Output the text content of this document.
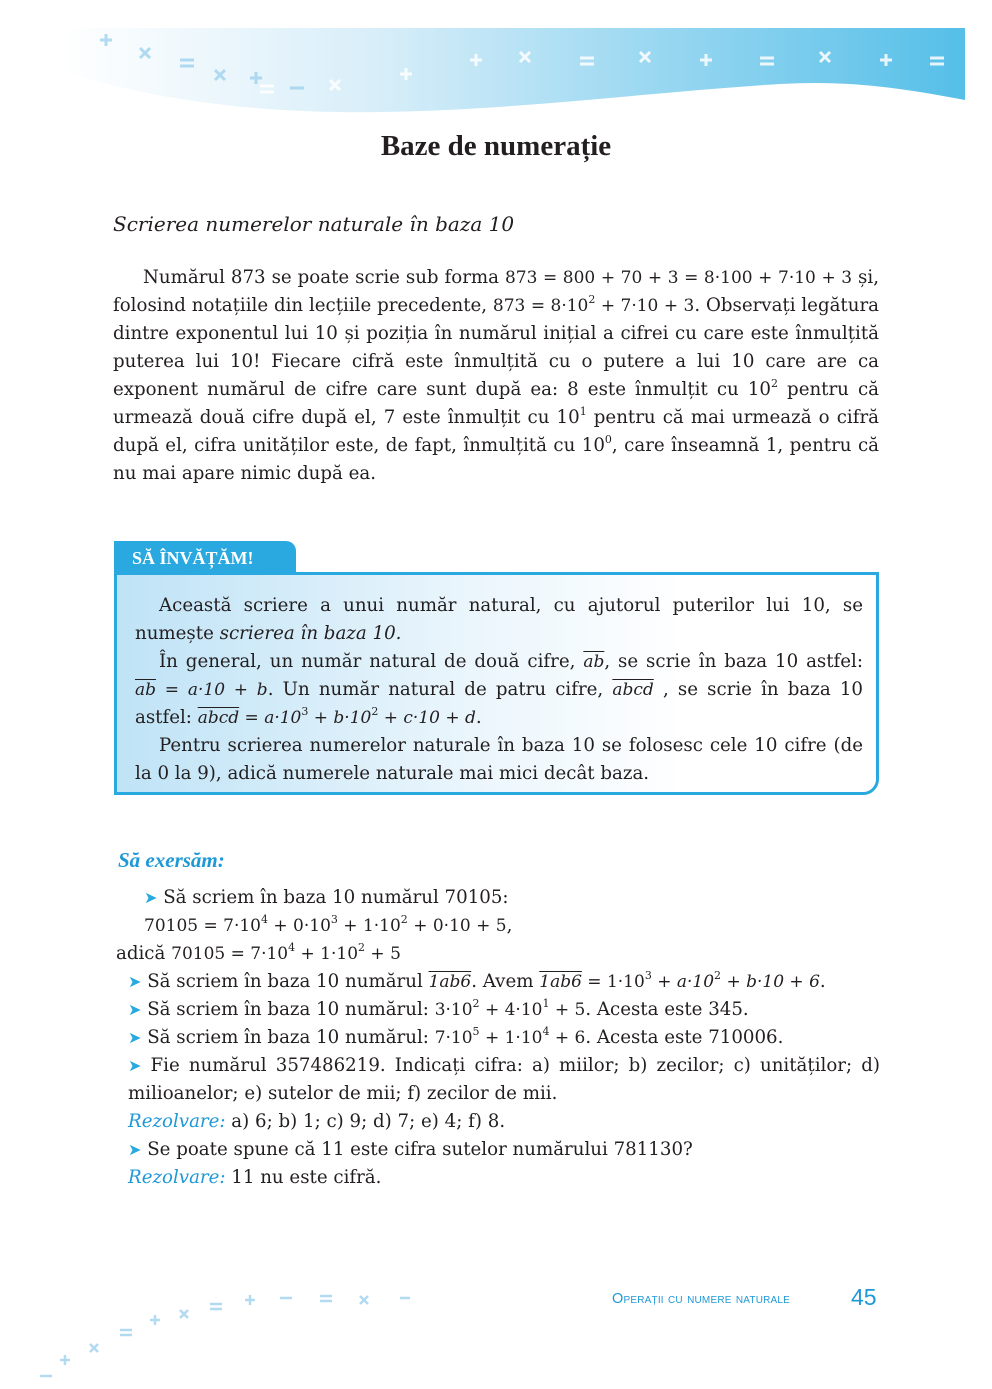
Baze de numerație
Scrierea numerelor naturale în baza 10

Numărul 873 se poate scrie sub forma 873 = 800 + 70 + 3 = 8·100 + 7·10 + 3 și, folosind notațiile din lecțiile precedente, $873 = 8\cdot 10^2 + 7\cdot 10 + 3$. Observați legătura dintre exponentul lui 10 și poziția în numărul inițial a cifrei cu care este înmulțită puterea lui 10! Fiecare cifră este înmulțită cu o putere a lui 10 care are ca exponent numărul de cifre care sunt după ea: 8 este înmulțit cu $10^2$ pentru că urmează două cifre după el, 7 este înmulțit cu $10^1$ pentru că mai urmează o cifră după el, cifra unităților este, de fapt, înmulțită cu $10^0$, care înseamnă 1, pentru că nu mai apare nimic după ea.

SĂ ÎNVĂȚĂM!

Această scriere a unui număr natural, cu ajutorul puterilor lui 10, se numește scrierea în baza 10.

În general, un număr natural de două cifre, $\overline{ab}$, se scrie în baza 10 astfel: $\overline{ab} = a\cdot 10 + b$. Un număr natural de patru cifre, abcd , se scrie în baza 10 astfel: abcd = $a\cdot 10^3 + b\cdot 10^2 + c\cdot 10 + d$.

Pentru scrierea numerelor naturale în baza 10 se folosesc cele 10 cifre (de la 0 la 9), adică numerele naturale mai mici decât baza.

Să exersăm:

➤ Să scriem în baza 10 numărul 70105: $70105 = 7\cdot 10^4 + 0\cdot 10^3 + 1\cdot 10^2 + 0\cdot 10 + 5$,

adică $70105 = 7\cdot 10^4 + 1\cdot 10^2 + 5$

➤ Să scriem în baza 10 numărul 1ab6. Avem $1ab6 = 1\cdot 10^3 + a\cdot 10^2 + b\cdot 10 + 6$.

➤ Să scriem în baza 10 numărul: $3\cdot 10^2 + 4\cdot 10^1 + 5$. Acesta este 345.

➤ Să scriem în baza 10 numărul: $7\cdot 10^5 + 1\cdot 10^4 + 6$. Acesta este 710006.

➤ Fie numărul 357486219. Indicați cifra: a) miilor; b) zecilor; c) unităților; d) milioanelor; e) sutelor de mii; f) zecilor de mii.

Rezolvare: a) 6; b) 1; c) 9; d) 7; e) 4; f) 8.

➤ Se poate spune că 11 este cifra sutelor numărului 781130?

Rezolvare: 11 nu este cifră.

Operații cu numere naturale	45
